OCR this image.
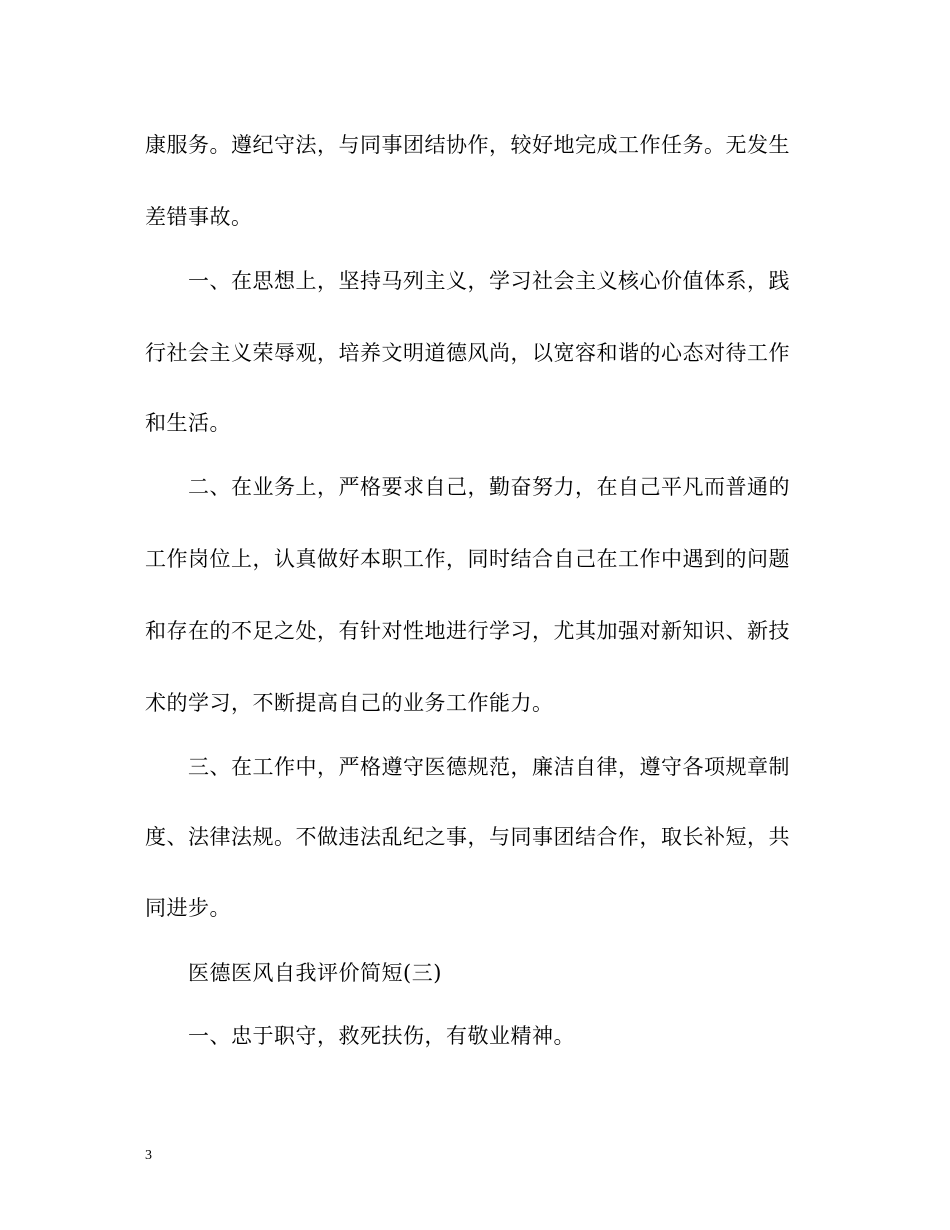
康服务。遵纪守法，与同事团结协作，较好地完成工作任务。无发生
差错事故。
一、在思想上，坚持马列主义，学习社会主义核心价值体系，践
行社会主义荣辱观，培养文明道德风尚，以宽容和谐的心态对待工作
和生活。
二、在业务上，严格要求自己，勤奋努力，在自己平凡而普通的
工作岗位上，认真做好本职工作，同时结合自己在工作中遇到的问题
和存在的不足之处，有针对性地进行学习，尤其加强对新知识、新技
术的学习，不断提高自己的业务工作能力。
三、在工作中，严格遵守医德规范，廉洁自律，遵守各项规章制
度、法律法规。不做违法乱纪之事，与同事团结合作，取长补短，共
同进步。
医德医风自我评价简短(三)
一、忠于职守，救死扶伤，有敬业精神。
3
